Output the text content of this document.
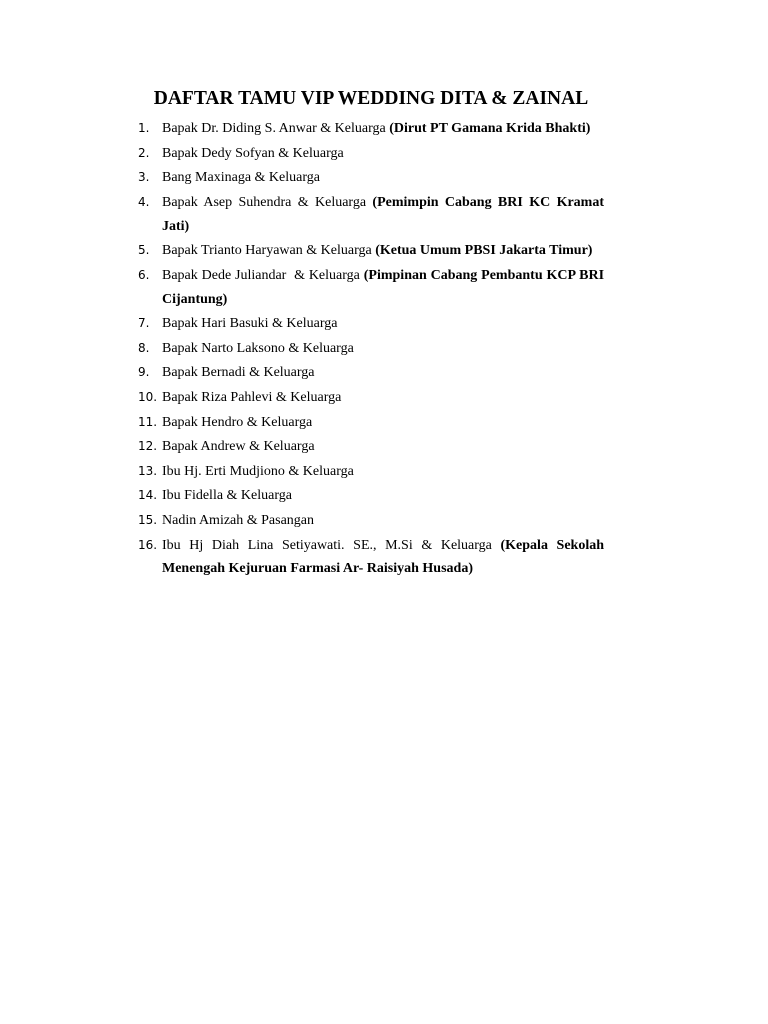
DAFTAR TAMU VIP WEDDING DITA & ZAINAL
1. Bapak Dr. Diding S. Anwar & Keluarga (Dirut PT Gamana Krida Bhakti)
2. Bapak Dedy Sofyan & Keluarga
3. Bang Maxinaga & Keluarga
4. Bapak Asep Suhendra & Keluarga (Pemimpin Cabang BRI KC Kramat Jati)
5. Bapak Trianto Haryawan & Keluarga (Ketua Umum PBSI Jakarta Timur)
6. Bapak Dede Juliandar  & Keluarga (Pimpinan Cabang Pembantu KCP BRI Cijantung)
7. Bapak Hari Basuki & Keluarga
8. Bapak Narto Laksono & Keluarga
9. Bapak Bernadi & Keluarga
10. Bapak Riza Pahlevi & Keluarga
11. Bapak Hendro & Keluarga
12. Bapak Andrew & Keluarga
13. Ibu Hj. Erti Mudjiono & Keluarga
14. Ibu Fidella & Keluarga
15. Nadin Amizah & Pasangan
16. Ibu Hj Diah Lina Setiyawati. SE., M.Si & Keluarga (Kepala Sekolah Menengah Kejuruan Farmasi Ar- Raisiyah Husada)
